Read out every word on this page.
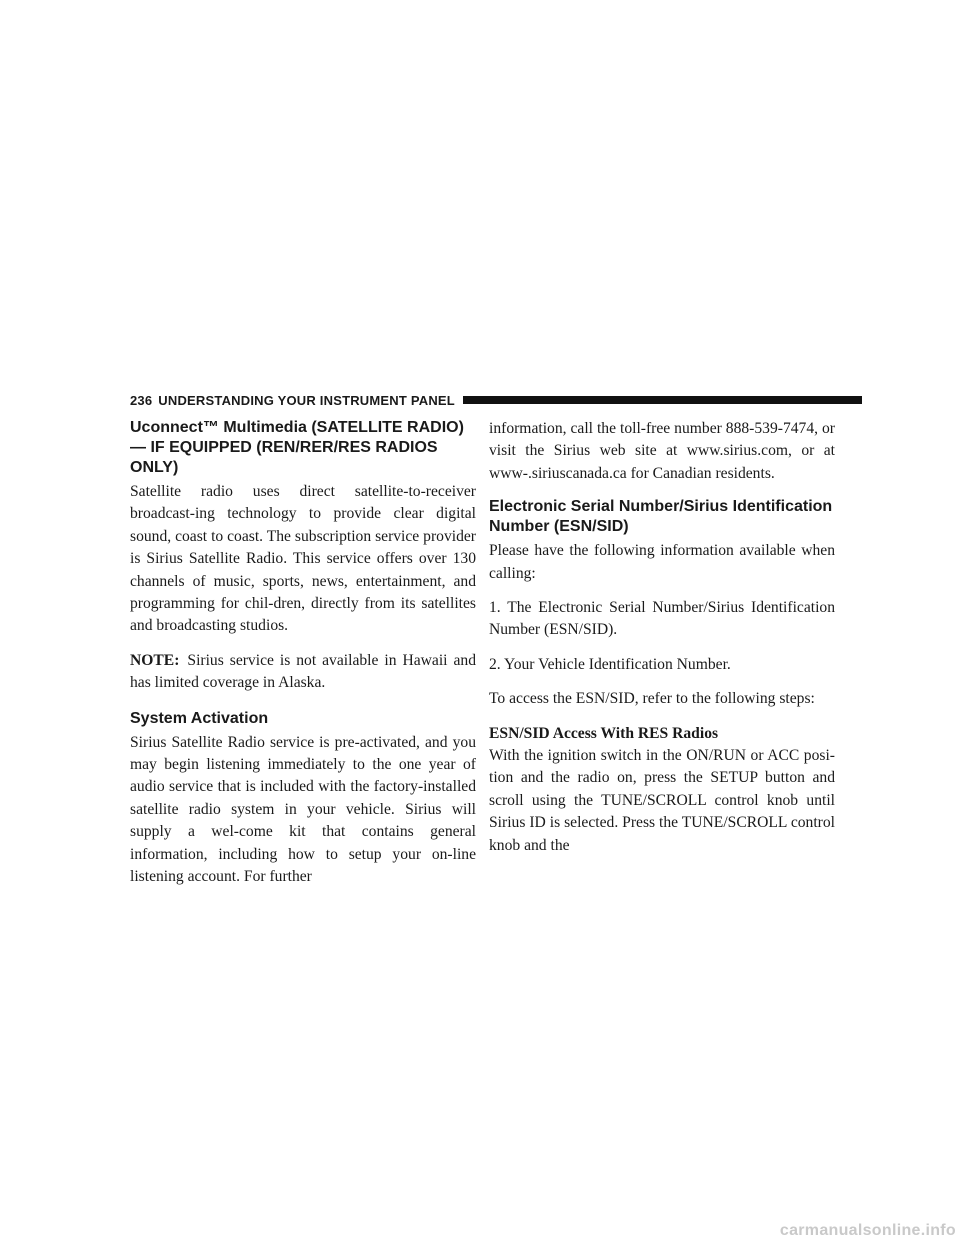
236 UNDERSTANDING YOUR INSTRUMENT PANEL
Uconnect™ Multimedia (SATELLITE RADIO) — IF EQUIPPED (REN/RER/RES RADIOS ONLY)

Satellite radio uses direct satellite-to-receiver broadcast-ing technology to provide clear digital sound, coast to coast. The subscription service provider is Sirius Satellite Radio. This service offers over 130 channels of music, sports, news, entertainment, and programming for chil-dren, directly from its satellites and broadcasting studios.

NOTE: Sirius service is not available in Hawaii and has limited coverage in Alaska.

System Activation

Sirius Satellite Radio service is pre-activated, and you may begin listening immediately to the one year of audio service that is included with the factory-installed satellite radio system in your vehicle. Sirius will supply a wel-come kit that contains general information, including how to setup your on-line listening account. For further

information, call the toll-free number 888-539-7474, or visit the Sirius web site at www.sirius.com, or at www-.siriuscanada.ca for Canadian residents.

Electronic Serial Number/Sirius Identification Number (ESN/SID)

Please have the following information available when calling:

1. The Electronic Serial Number/Sirius Identification Number (ESN/SID).

2. Your Vehicle Identification Number.

To access the ESN/SID, refer to the following steps:

ESN/SID Access With RES Radios

With the ignition switch in the ON/RUN or ACC posi-tion and the radio on, press the SETUP button and scroll using the TUNE/SCROLL control knob until Sirius ID is selected. Press the TUNE/SCROLL control knob and the

carmanualsonline.info
